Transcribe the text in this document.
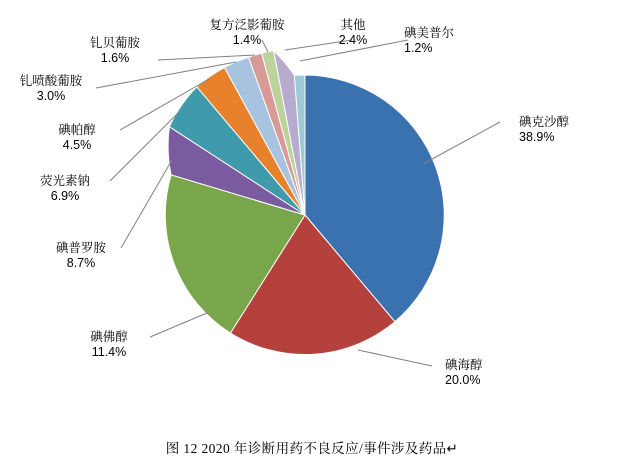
碘克沙醇
38.9%
碘海醇
20.0%
碘佛醇
11.4%
碘普罗胺
8.7%
荧光素钠
6.9%
碘帕醇
4.5%
钆喷酸葡胺
3.0%
钆贝葡胺
1.6%
复方泛影葡胺
1.4%
其他
2.4%	碘美普尔
1.2%
图 12 2020 年诊断用药不良反应/事件涉及药品↵
